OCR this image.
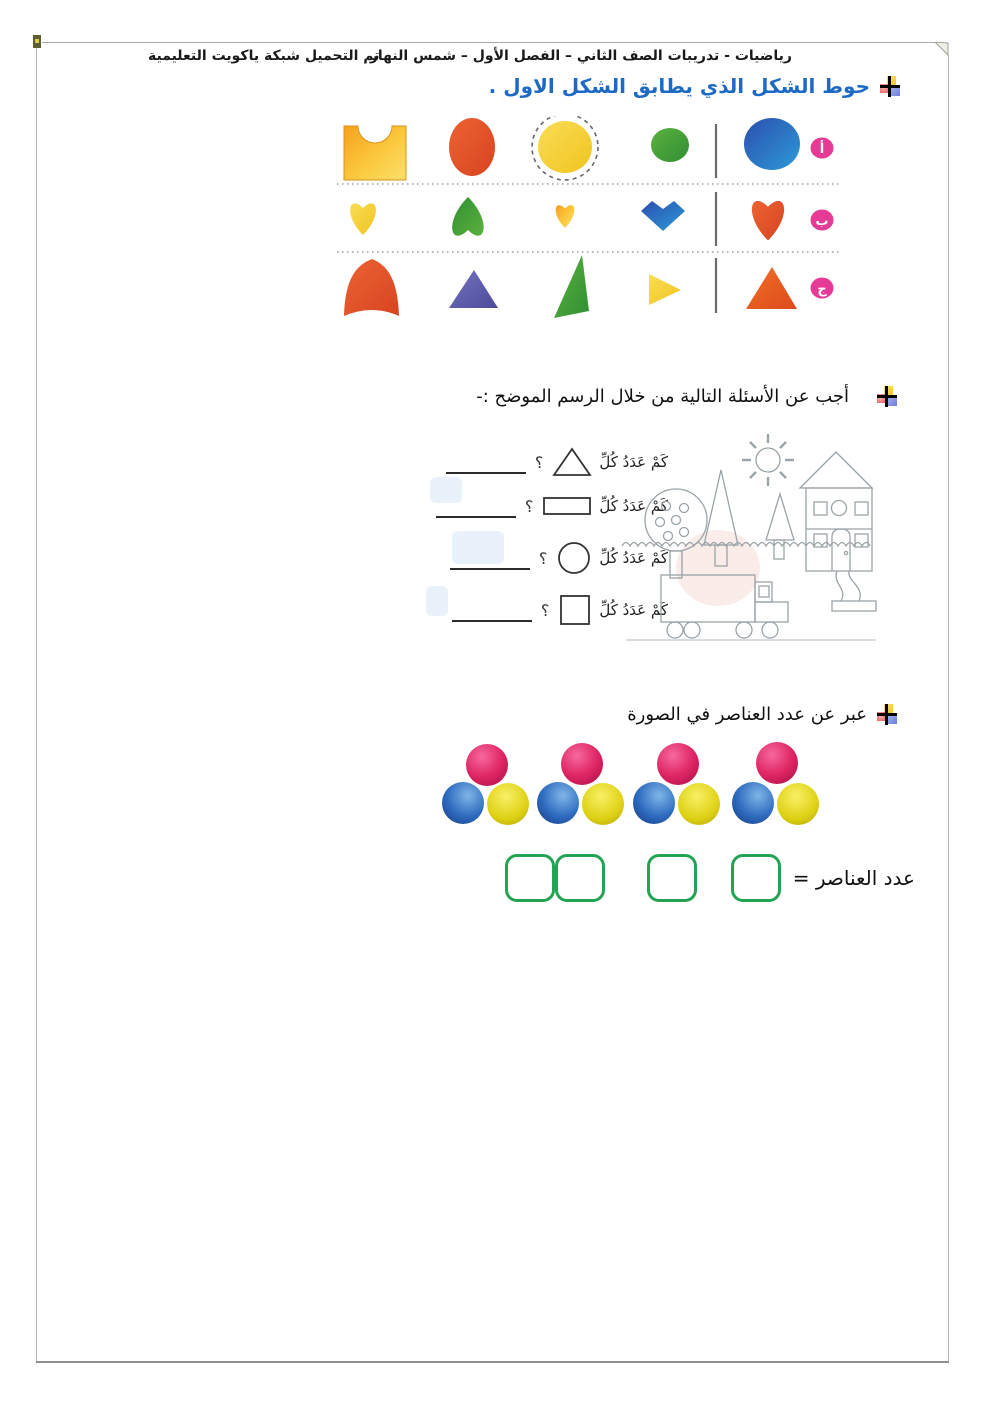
رياضيات - تدريبات الصف الثاني – الفصل الأول – شمس النهار
تم التحميل شبكة ياكويت التعليمية
حوط الشكل الذي يطابق الشكل الاول .
أ
ب
ج
أجب عن الأسئلة التالية من خلال الرسم الموضح :-
كَمْ عَدَدُ كُلِّ
؟
كَمْ عَدَدُ كُلِّ
؟
كَمْ عَدَدُ كُلِّ
؟
كَمْ عَدَدُ كُلِّ
؟
عبر عن عدد العناصر في الصورة
عدد العناصر =
